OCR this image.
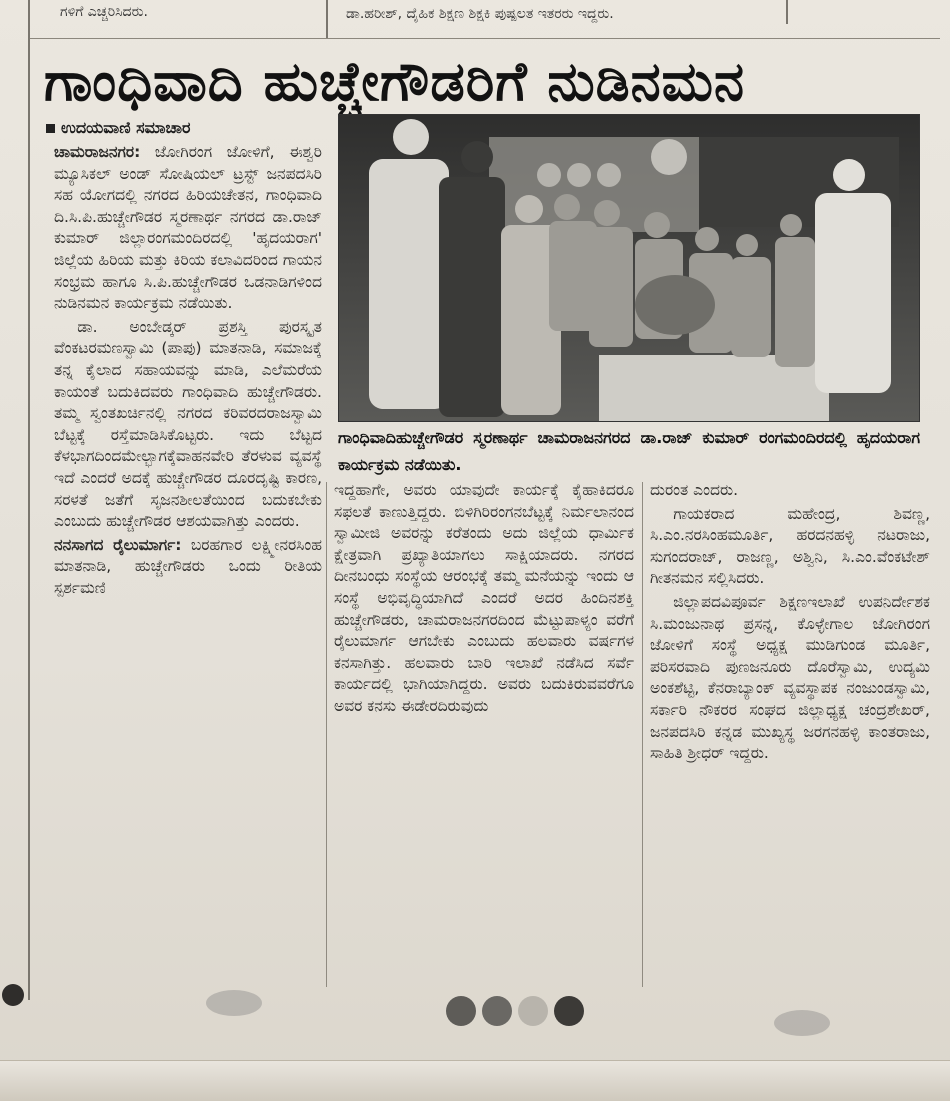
ಗಳಿಗೆ ಎಚ್ಚರಿಸಿದರು.	ಡಾ.ಹರೀಶ್, ದೈಹಿಕ ಶಿಕ್ಷಣ ಶಿಕ್ಷಕಿ ಪುಷ್ಪಲತ ಇತರರು ಇದ್ದರು.
ಗಾಂಧಿವಾದಿ ಹುಚ್ಚೇಗೌಡರಿಗೆ ನುಡಿನಮನ
ಉದಯವಾಣಿ ಸಮಾಚಾರ

ಚಾಮರಾಜನಗರ: ಜೋಗಿರಂಗ ಜೋಳಿಗೆ, ಈಶ್ವರಿ ಮ್ಯೂಸಿಕಲ್ ಅಂಡ್ ಸೋಷಿಯಲ್ ಟ್ರಸ್ಟ್ ಜನಪದಸಿರಿ ಸಹ ಯೋಗದಲ್ಲಿ ನಗರದ ಹಿರಿಯಚೇತನ, ಗಾಂಧಿವಾದಿ ದಿ.ಸಿ.ಪಿ.ಹುಚ್ಚೇಗೌಡರ ಸ್ಮರಣಾರ್ಥ ನಗರದ ಡಾ.ರಾಜ್ ಕುಮಾರ್ ಜಿಲ್ಲಾರಂಗಮಂದಿರದಲ್ಲಿ 'ಹೃದಯರಾಗ' ಜಿಲ್ಲೆಯ ಹಿರಿಯ ಮತ್ತು ಕಿರಿಯ ಕಲಾವಿದರಿಂದ ಗಾಯನ ಸಂಭ್ರಮ ಹಾಗೂ ಸಿ.ಪಿ.ಹುಚ್ಚೇಗೌಡರ ಒಡನಾಡಿಗಳಿಂದ ನುಡಿನಮನ ಕಾರ್ಯಕ್ರಮ ನಡೆಯಿತು.

ಡಾ. ಅಂಬೇಡ್ಕರ್ ಪ್ರಶಸ್ತಿ ಪುರಸ್ಕೃತ ವೆಂಕಟರಮಣಸ್ವಾಮಿ (ಪಾಪು) ಮಾತನಾಡಿ, ಸಮಾಜಕ್ಕೆ ತನ್ನ ಕೈಲಾದ ಸಹಾಯವನ್ನು ಮಾಡಿ, ಎಲೆಮರೆಯ ಕಾಯಂತೆ ಬದುಕಿದವರು ಗಾಂಧಿವಾದಿ ಹುಚ್ಚೇಗೌಡರು. ತಮ್ಮ ಸ್ವಂತಖರ್ಚಿನಲ್ಲಿ ನಗರದ ಕರಿವರದರಾಜಸ್ವಾಮಿ ಬೆಟ್ಟಕ್ಕೆ ರಸ್ತೆಮಾಡಿಸಿಕೊಟ್ಟರು. ಇದು ಬೆಟ್ಟದ ಕೆಳಭಾಗದಿಂದಮೇಲ್ಭಾಗಕ್ಕೆವಾಹನವೇರಿ ತೆರಳುವ ವ್ಯವಸ್ಥೆ ಇದೆ ಎಂದರೆ ಅದಕ್ಕೆ ಹುಚ್ಚೇಗೌಡರ ದೂರದೃಷ್ಟಿ ಕಾರಣ, ಸರಳತೆ ಜತೆಗೆ ಸೃಜನಶೀಲತೆಯಿಂದ ಬದುಕಬೇಕು ಎಂಬುದು ಹುಚ್ಚೇಗೌಡರ ಆಶಯವಾಗಿತ್ತು ಎಂದರು.

ನನಸಾಗದ ರೈಲುಮಾರ್ಗ: ಬರಹಗಾರ ಲಕ್ಷ್ಮೀನರಸಿಂಹ ಮಾತನಾಡಿ, ಹುಚ್ಚೇಗೌಡರು ಒಂದು ರೀತಿಯ ಸ್ಪರ್ಶಮಣಿ

ಗಾಂಧಿವಾದಿಹುಚ್ಚೇಗೌಡರ ಸ್ಮರಣಾರ್ಥ ಚಾಮರಾಜನಗರದ ಡಾ.ರಾಜ್ ಕುಮಾರ್ ರಂಗಮಂದಿರದಲ್ಲಿ ಹೃದಯರಾಗ ಕಾರ್ಯಕ್ರಮ ನಡೆಯಿತು.

ಇದ್ದಹಾಗೇ, ಅವರು ಯಾವುದೇ ಕಾರ್ಯಕ್ಕೆ ಕೈಹಾಕಿದರೂ ಸಫಲತೆ ಕಾಣುತ್ತಿದ್ದರು. ಬಿಳಿಗಿರಿರಂಗನಬೆಟ್ಟಕ್ಕೆ ನಿರ್ಮಲಾನಂದ ಸ್ವಾಮೀಜಿ ಅವರನ್ನು ಕರೆತಂದು ಅದು ಜಿಲ್ಲೆಯ ಧಾರ್ಮಿಕ ಕ್ಷೇತ್ರವಾಗಿ ಪ್ರಖ್ಯಾತಿಯಾಗಲು ಸಾಕ್ಷಿಯಾದರು. ನಗರದ ದೀನಬಂಧು ಸಂಸ್ಥೆಯ ಆರಂಭಕ್ಕೆ ತಮ್ಮ ಮನೆಯನ್ನು ಇಂದು ಆ ಸಂಸ್ಥೆ ಅಭಿವೃದ್ಧಿಯಾಗಿದೆ ಎಂದರೆ ಅದರ ಹಿಂದಿನಶಕ್ತಿ ಹುಚ್ಚೇಗೌಡರು, ಚಾಮರಾಜನಗರದಿಂದ ಮೆಟ್ಟುಪಾಳ್ಯಂ ವರೆಗೆ ರೈಲುಮಾರ್ಗ ಆಗಬೇಕು ಎಂಬುದು ಹಲವಾರು ವರ್ಷಗಳ ಕನಸಾಗಿತ್ತು. ಹಲವಾರು ಬಾರಿ ಇಲಾಖೆ ನಡೆಸಿದ ಸರ್ವೆ ಕಾರ್ಯದಲ್ಲಿ ಭಾಗಿಯಾಗಿದ್ದರು. ಅವರು ಬದುಕಿರುವವರೆಗೂ ಅವರ ಕನಸು ಈಡೇರದಿರುವುದು

ದುರಂತ ಎಂದರು.

ಗಾಯಕರಾದ ಮಹೇಂದ್ರ, ಶಿವಣ್ಣ, ಸಿ.ಎಂ.ನರಸಿಂಹಮೂರ್ತಿ, ಹರದನಹಳ್ಳಿ ನಟರಾಜು, ಸುಗಂದರಾಜ್, ರಾಜಣ್ಣ, ಅಶ್ವಿನಿ, ಸಿ.ಎಂ.ವೆಂಕಟೇಶ್ ಗೀತನಮನ ಸಲ್ಲಿಸಿದರು.

ಜಿಲ್ಲಾಪದವಿಪೂರ್ವ ಶಿಕ್ಷಣಇಲಾಖೆ ಉಪನಿರ್ದೇಶಕ ಸಿ.ಮಂಜುನಾಥ ಪ್ರಸನ್ನ, ಕೊಳ್ಳೇಗಾಲ ಜೋಗಿರಂಗ ಜೋಳಿಗೆ ಸಂಸ್ಥೆ ಅಧ್ಯಕ್ಷ ಮುಡಿಗುಂಡ ಮೂರ್ತಿ, ಪರಿಸರವಾದಿ ಪುಣಜನೂರು ದೊರೆಸ್ವಾಮಿ, ಉದ್ಯಮಿ ಅಂಕಶೆಟ್ಟಿ, ಕೆನರಾಬ್ಯಾಂಕ್ ವ್ಯವಸ್ಥಾಪಕ ನಂಜುಂಡಸ್ವಾಮಿ, ಸರ್ಕಾರಿ ನೌಕರರ ಸಂಘದ ಜಿಲ್ಲಾಧ್ಯಕ್ಷ ಚಂದ್ರಶೇಖರ್, ಜನಪದಸಿರಿ ಕನ್ನಡ ಮುಖ್ಯಸ್ಥ ಜರಗನಹಳ್ಳಿ ಕಾಂತರಾಜು, ಸಾಹಿತಿ ಶ್ರೀಧರ್ ಇದ್ದರು.
